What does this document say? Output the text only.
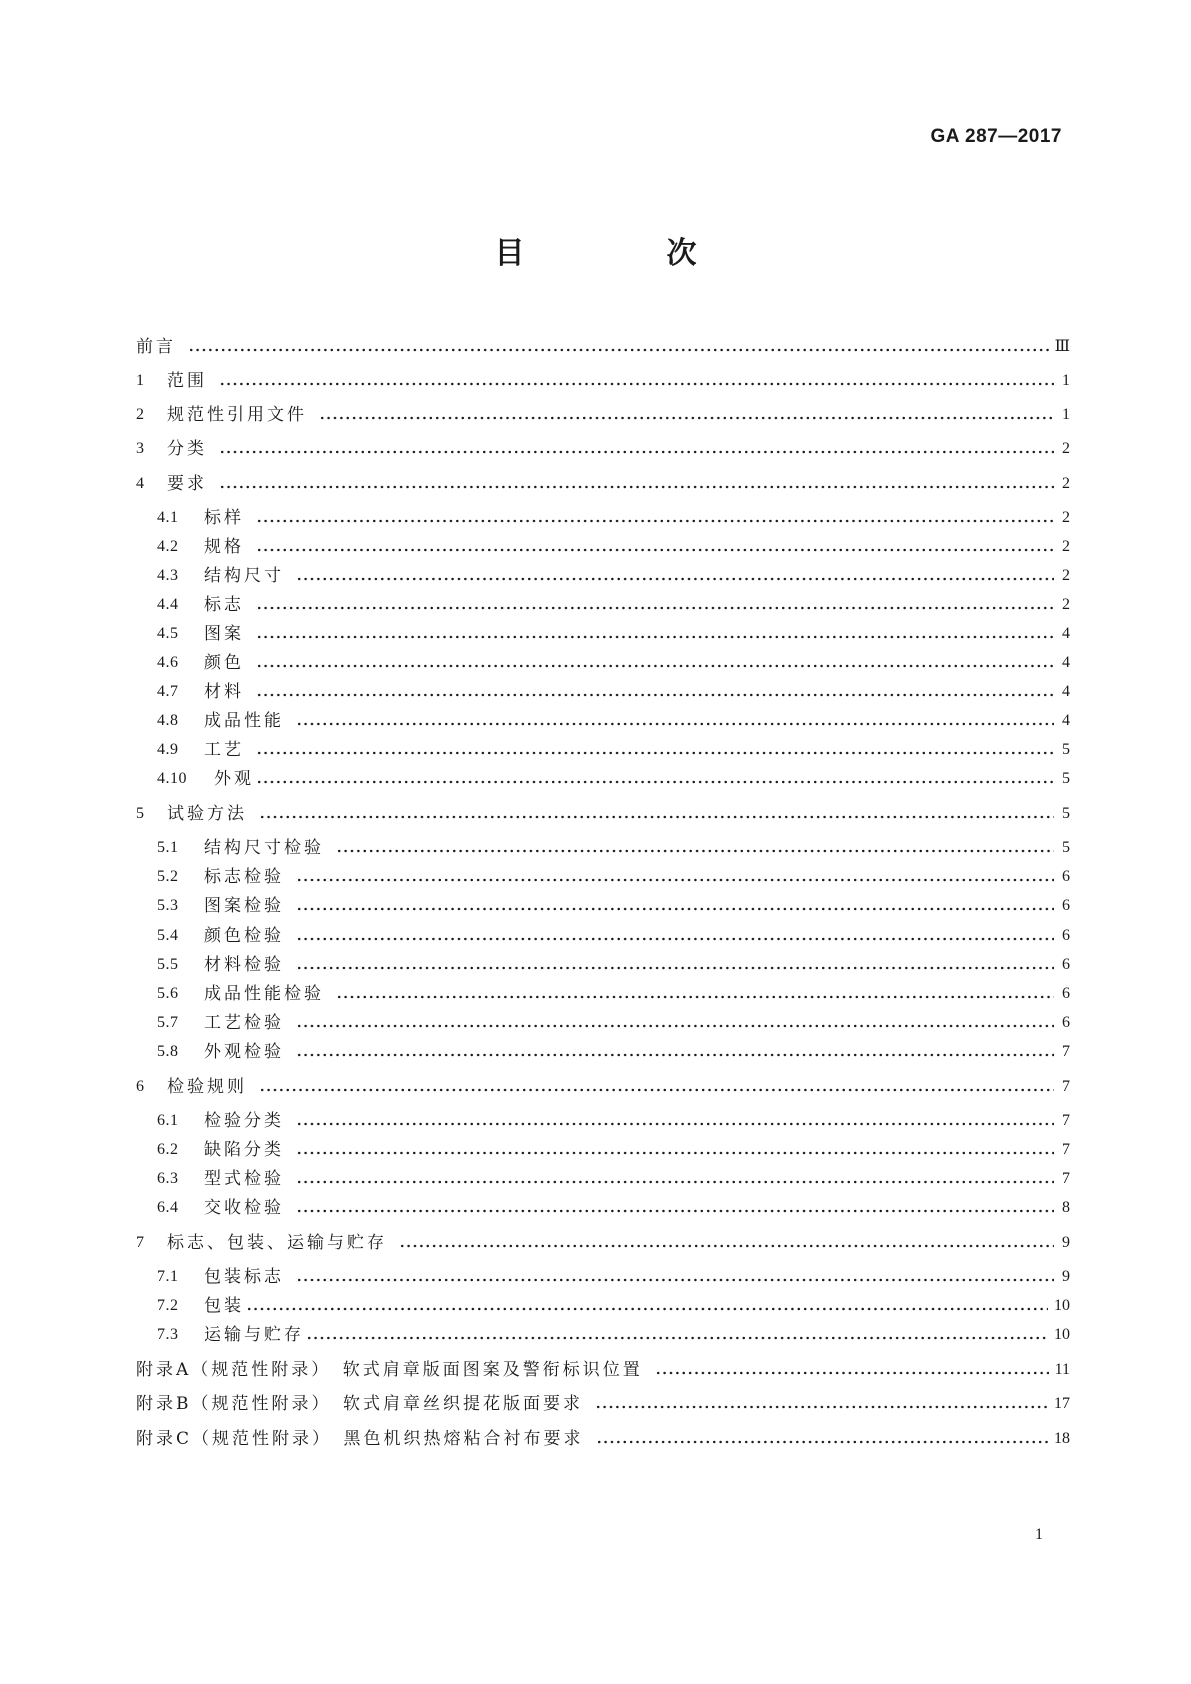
GA 287—2017
目　次
前言	Ⅲ
1	范围	1
2	规范性引用文件	1
3	分类	2
4	要求	2
4.1	标样	2
4.2	规格	2
4.3	结构尺寸	2
4.4	标志	2
4.5	图案	4
4.6	颜色	4
4.7	材料	4
4.8	成品性能	4
4.9	工艺	5
4.10	外观	5
5	试验方法	5
5.1	结构尺寸检验	5
5.2	标志检验	6
5.3	图案检验	6
5.4	颜色检验	6
5.5	材料检验	6
5.6	成品性能检验	6
5.7	工艺检验	6
5.8	外观检验	7
6	检验规则	7
6.1	检验分类	7
6.2	缺陷分类	7
6.3	型式检验	7
6.4	交收检验	8
7	标志、包装、运输与贮存	9
7.1	包装标志	9
7.2	包装	10
7.3	运输与贮存	10
附录A（规范性附录）　软式肩章版面图案及警衔标识位置	11
附录B（规范性附录）　软式肩章丝织提花版面要求	17
附录C（规范性附录）　黑色机织热熔粘合衬布要求	18
1
